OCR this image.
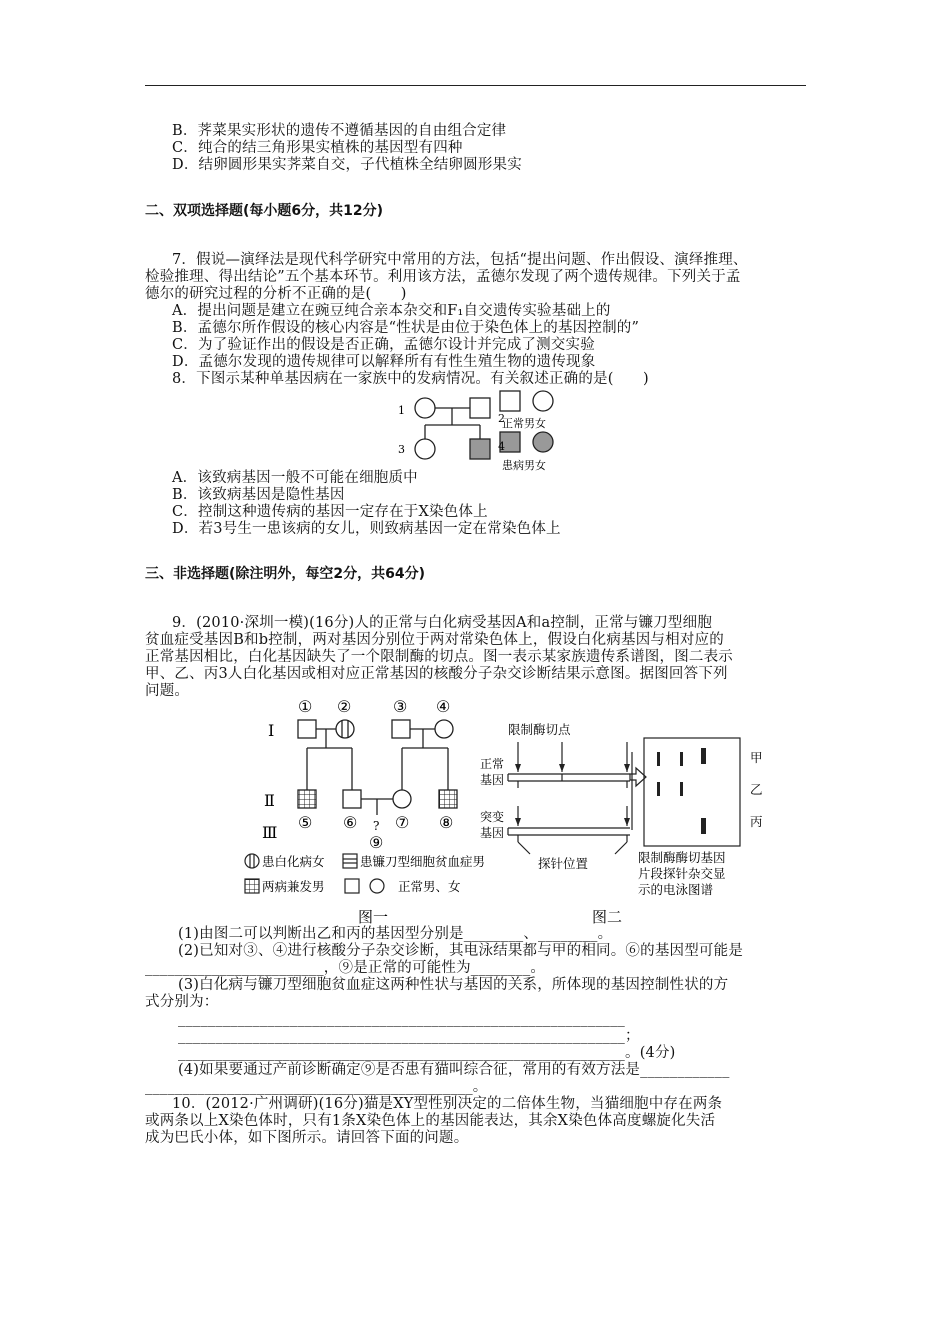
B．荠菜果实形状的遗传不遵循基因的自由组合定律
C．纯合的结三角形果实植株的基因型有四种
D．结卵圆形果实荠菜自交，子代植株全结卵圆形果实
二、双项选择题(每小题6分，共12分)
7．假说—演绎法是现代科学研究中常用的方法，包括“提出问题、作出假设、演绎推理、
检验推理、得出结论”五个基本环节。利用该方法，孟德尔发现了两个遗传规律。下列关于孟
德尔的研究过程的分析不正确的是(　　)
A．提出问题是建立在豌豆纯合亲本杂交和F₁自交遗传实验基础上的
B．孟德尔所作假设的核心内容是“性状是由位于染色体上的基因控制的”
C．为了验证作出的假设是否正确，孟德尔设计并完成了测交实验
D．孟德尔发现的遗传规律可以解释所有有性生殖生物的遗传现象
8．下图示某种单基因病在一家族中的发病情况。有关叙述正确的是(　　)
1
2
3	4
正常男女
患病男女
A．该致病基因一般不可能在细胞质中
B．该致病基因是隐性基因
C．控制这种遗传病的基因一定存在于X染色体上
D．若3号生一患该病的女儿，则致病基因一定在常染色体上
三、非选择题(除注明外，每空2分，共64分)
9．(2010·深圳一模)(16分)人的正常与白化病受基因A和a控制，正常与镰刀型细胞
贫血症受基因B和b控制，两对基因分别位于两对常染色体上，假设白化病基因与相对应的
正常基因相比，白化基因缺失了一个限制酶的切点。图一表示某家族遗传系谱图，图二表示
甲、乙、丙3人白化基因或相对应正常基因的核酸分子杂交诊断结果示意图。据图回答下列
问题。
① ②	③ ④
Ⅰ
Ⅱ
Ⅲ
⑤ ⑥ ⑦ ⑧
?
⑨
患白化病女	患镰刀型细胞贫血症男
两病兼发男	正常男、女
图一	图二
限制酶切点
正常
基因
突变
基因
探针位置
甲
乙
丙
限制酶酶切基因
片段探针杂交显
示的电泳图谱
(1)由图二可以判断出乙和丙的基因型分别是________、________。
(2)已知对③、④进行核酸分子杂交诊断，其电泳结果都与甲的相同。⑥的基因型可能是
________________________，⑨是正常的可能性为________。
(3)白化病与镰刀型细胞贫血症这两种性状与基因的关系，所体现的基因控制性状的方
式分别为：
____________________________________________________________
____________________________________________________________；
____________________________________________________________。(4分)
(4)如果要通过产前诊断确定⑨是否患有猫叫综合征，常用的有效方法是____________
____________________________________________。
10．(2012·广州调研)(16分)猫是XY型性别决定的二倍体生物，当猫细胞中存在两条
或两条以上X染色体时，只有1条X染色体上的基因能表达，其余X染色体高度螺旋化失活
成为巴氏小体，如下图所示。请回答下面的问题。
